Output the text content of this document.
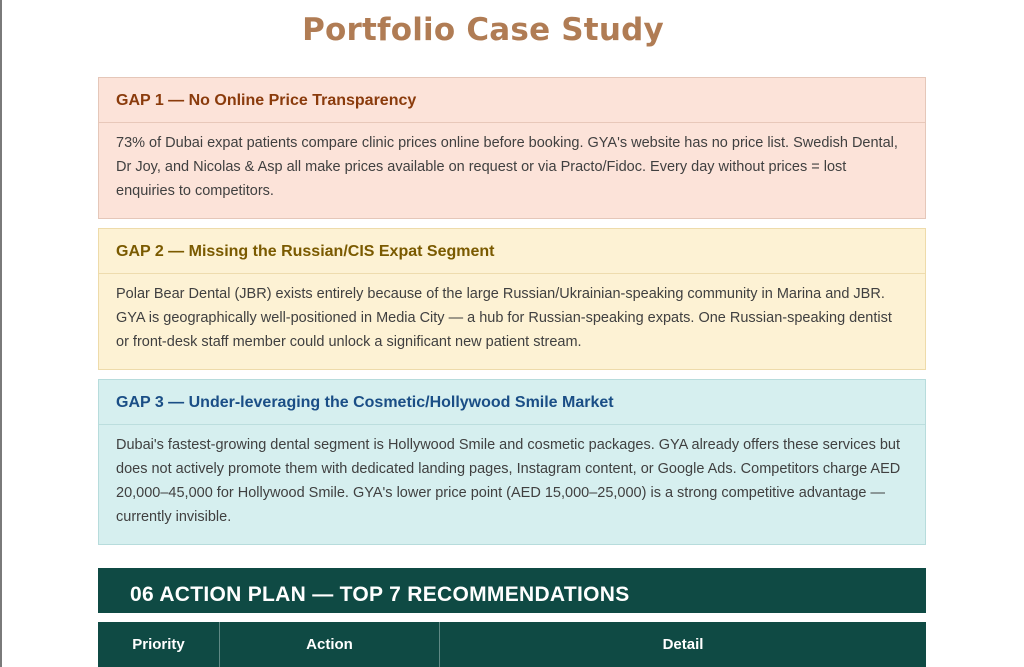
Portfolio Case Study
GAP 1 — No Online Price Transparency
73% of Dubai expat patients compare clinic prices online before booking. GYA's website has no price list. Swedish Dental, Dr Joy, and Nicolas & Asp all make prices available on request or via Practo/Fidoc. Every day without prices = lost enquiries to competitors.
GAP 2 — Missing the Russian/CIS Expat Segment
Polar Bear Dental (JBR) exists entirely because of the large Russian/Ukrainian-speaking community in Marina and JBR. GYA is geographically well-positioned in Media City — a hub for Russian-speaking expats. One Russian-speaking dentist or front-desk staff member could unlock a significant new patient stream.
GAP 3 — Under-leveraging the Cosmetic/Hollywood Smile Market
Dubai's fastest-growing dental segment is Hollywood Smile and cosmetic packages. GYA already offers these services but does not actively promote them with dedicated landing pages, Instagram content, or Google Ads. Competitors charge AED 20,000–45,000 for Hollywood Smile. GYA's lower price point (AED 15,000–25,000) is a strong competitive advantage — currently invisible.
06 ACTION PLAN — TOP 7 RECOMMENDATIONS
Priority	Action	Detail
